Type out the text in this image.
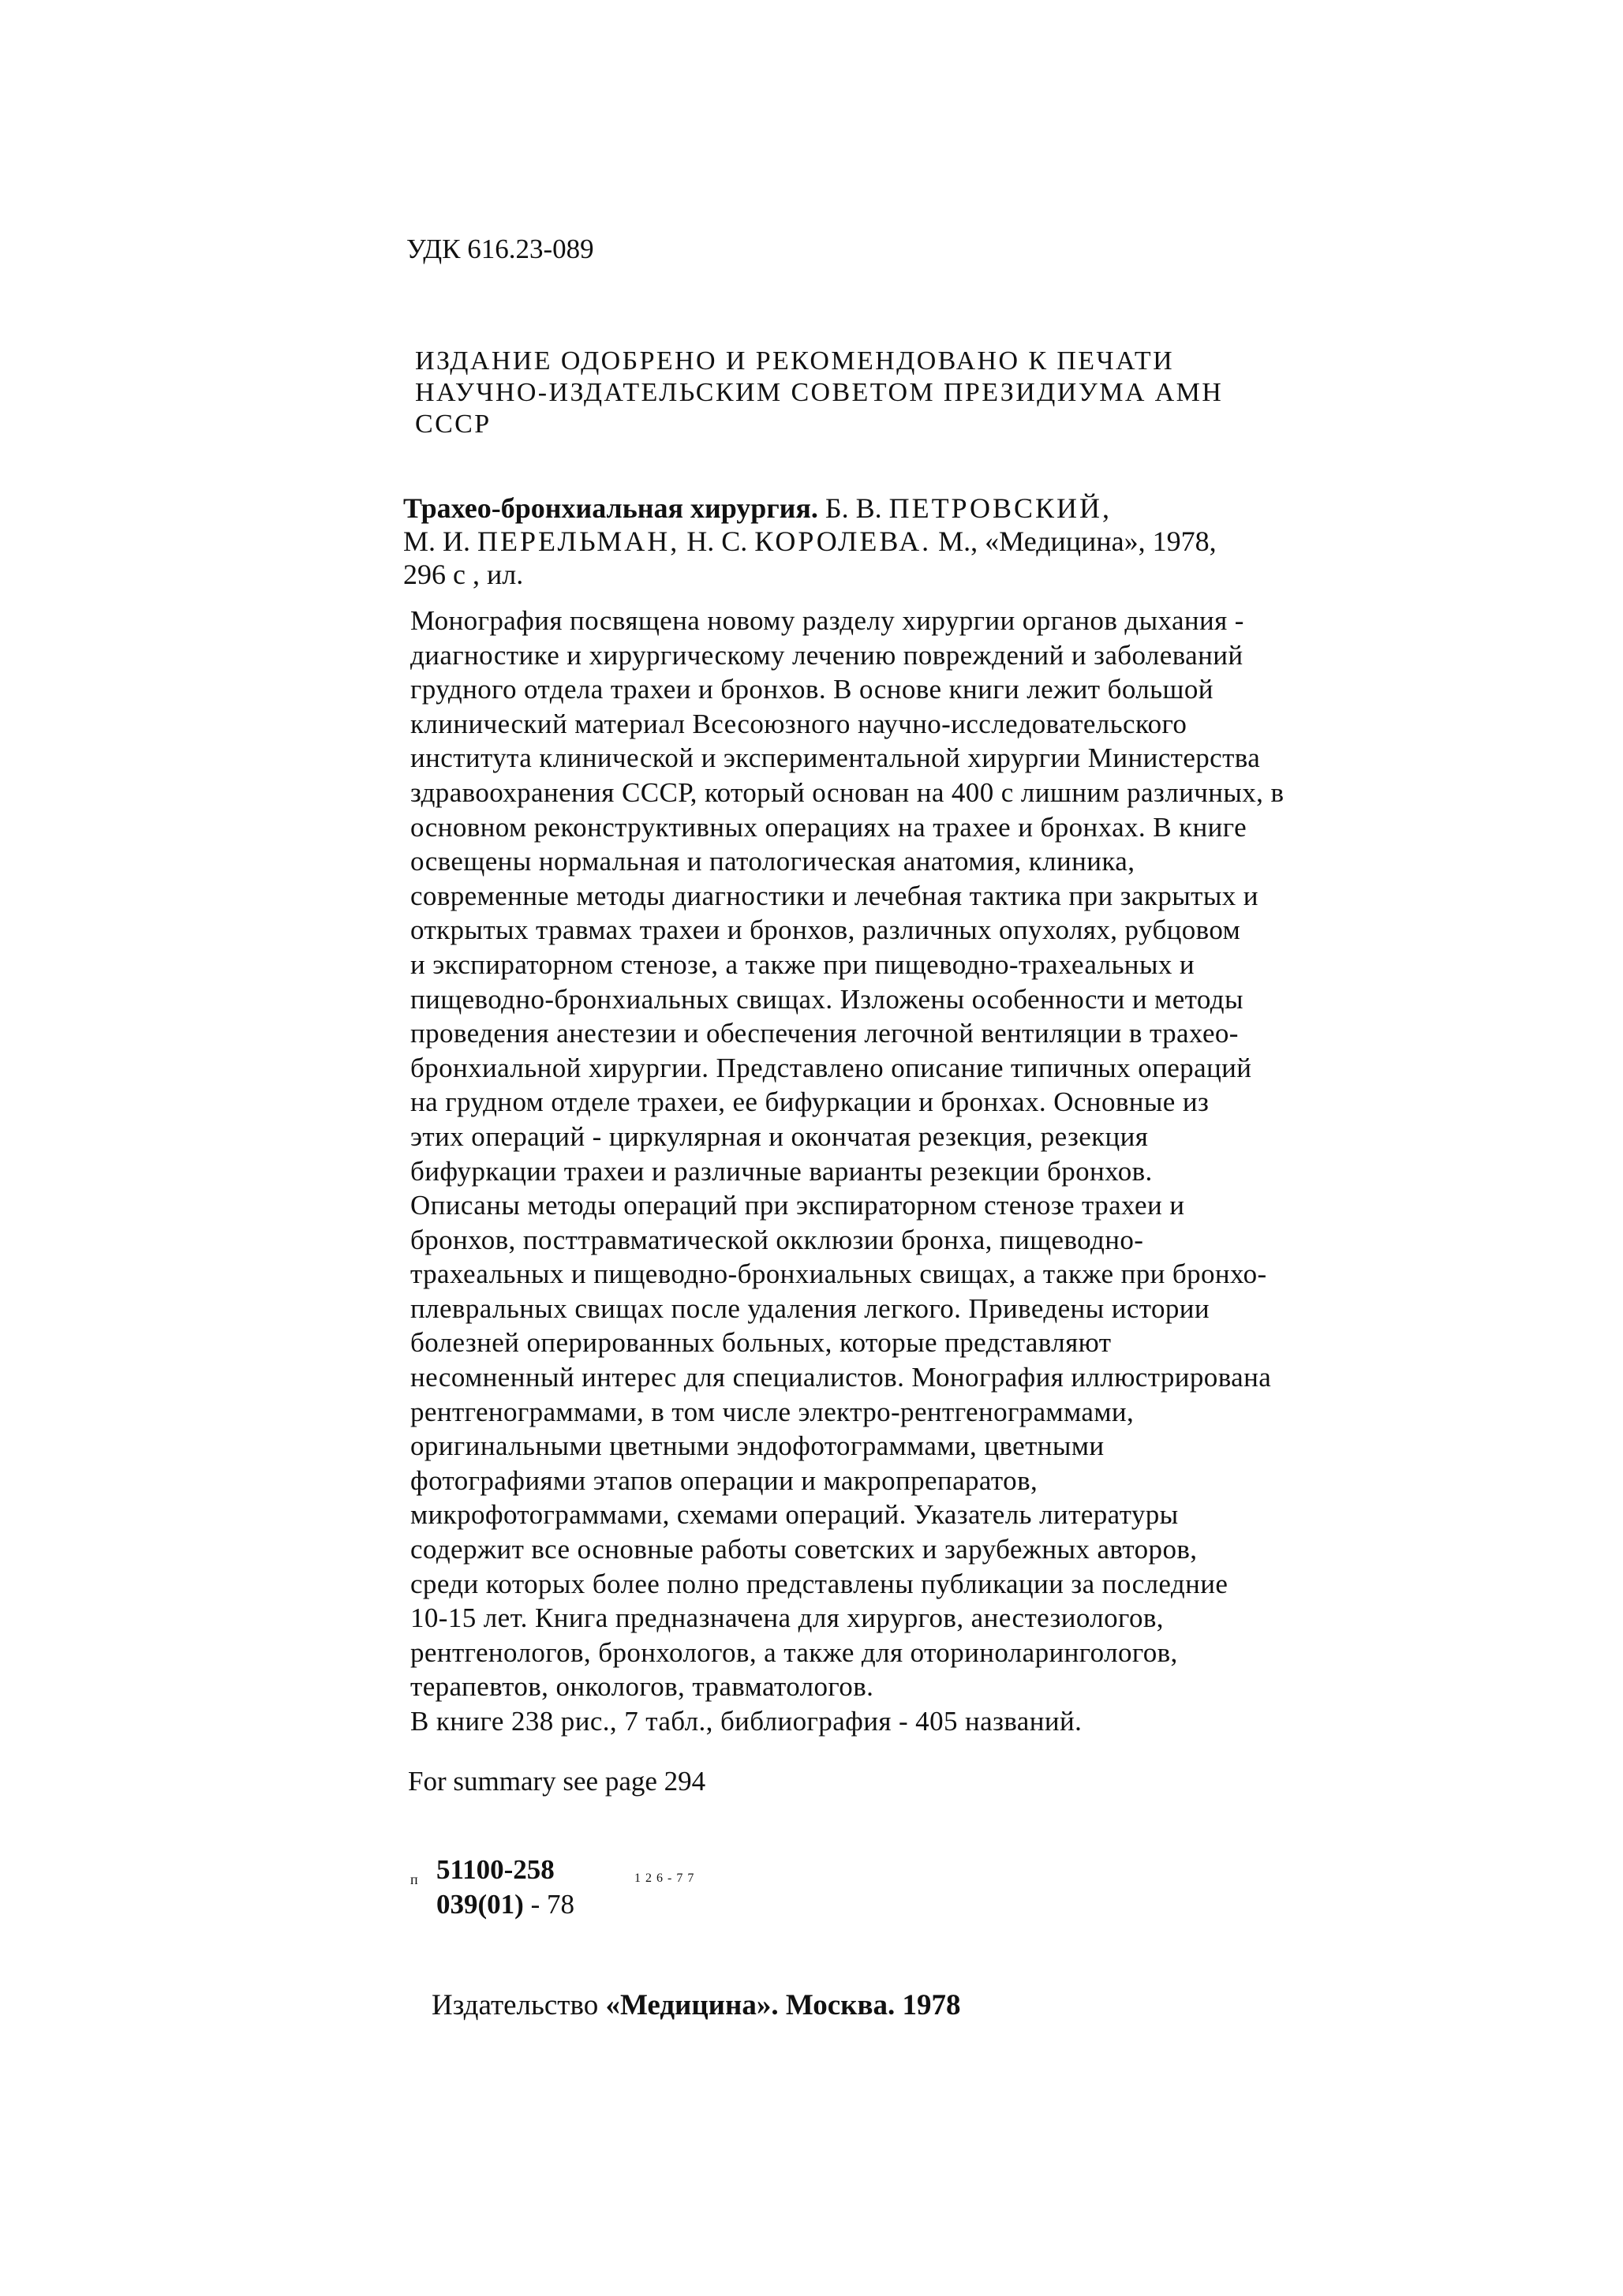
УДК 616.23-089
ИЗДАНИЕ ОДОБРЕНО И РЕКОМЕНДОВАНО К ПЕЧАТИ
НАУЧНО-ИЗДАТЕЛЬСКИМ СОВЕТОМ ПРЕЗИДИУМА АМН
СССР
Трахео-бронхиальная хирургия. Б. В. ПЕТРОВСКИЙ,
М. И. ПЕРЕЛЬМАН, Н. С. КОРОЛЕВА. М., «Медицина», 1978,
296 с , ил.
Монография посвящена новому разделу хирургии органов дыхания -
диагностике и хирургическому лечению повреждений и заболеваний
грудного отдела трахеи и бронхов. В основе книги лежит большой
клинический материал Всесоюзного научно-исследовательского
института клинической и экспериментальной хирургии Министерства
здравоохранения СССР, который основан на 400 с лишним различных, в
основном реконструктивных операциях на трахее и бронхах. В книге
освещены нормальная и патологическая анатомия, клиника,
современные методы диагностики и лечебная тактика при закрытых и
открытых травмах трахеи и бронхов, различных опухолях, рубцовом
и экспираторном стенозе, а также при пищеводно-трахеальных и
пищеводно-бронхиальных свищах. Изложены особенности и методы
проведения анестезии и обеспечения легочной вентиляции в трахео-
бронхиальной хирургии. Представлено описание типичных операций
на грудном отделе трахеи, ее бифуркации и бронхах. Основные из
этих операций - циркулярная и окончатая резекция, резекция
бифуркации трахеи и различные варианты резекции бронхов.
Описаны методы операций при экспираторном стенозе трахеи и
бронхов, посттравматической окклюзии бронха, пищеводно-
трахеальных и пищеводно-бронхиальных свищах, а также при бронхо-
плевральных свищах после удаления легкого. Приведены истории
болезней оперированных больных, которые представляют
несомненный интерес для специалистов. Монография иллюстрирована
рентгенограммами, в том числе электро-рентгенограммами,
оригинальными цветными эндофотограммами, цветными
фотографиями этапов операции и макропрепаратов,
микрофотограммами, схемами операций. Указатель литературы
содержит все основные работы советских и зарубежных авторов,
среди которых более полно представлены публикации за последние
10-15 лет. Книга предназначена для хирургов, анестезиологов,
рентгенологов, бронхологов, а также для оториноларингологов,
терапевтов, онкологов, травматологов.
В книге 238 рис., 7 табл., библиография - 405 названий.
For summary see page 294
п 51100-258	126-77
039(01) - 78
Издательство «Медицина». Москва. 1978
